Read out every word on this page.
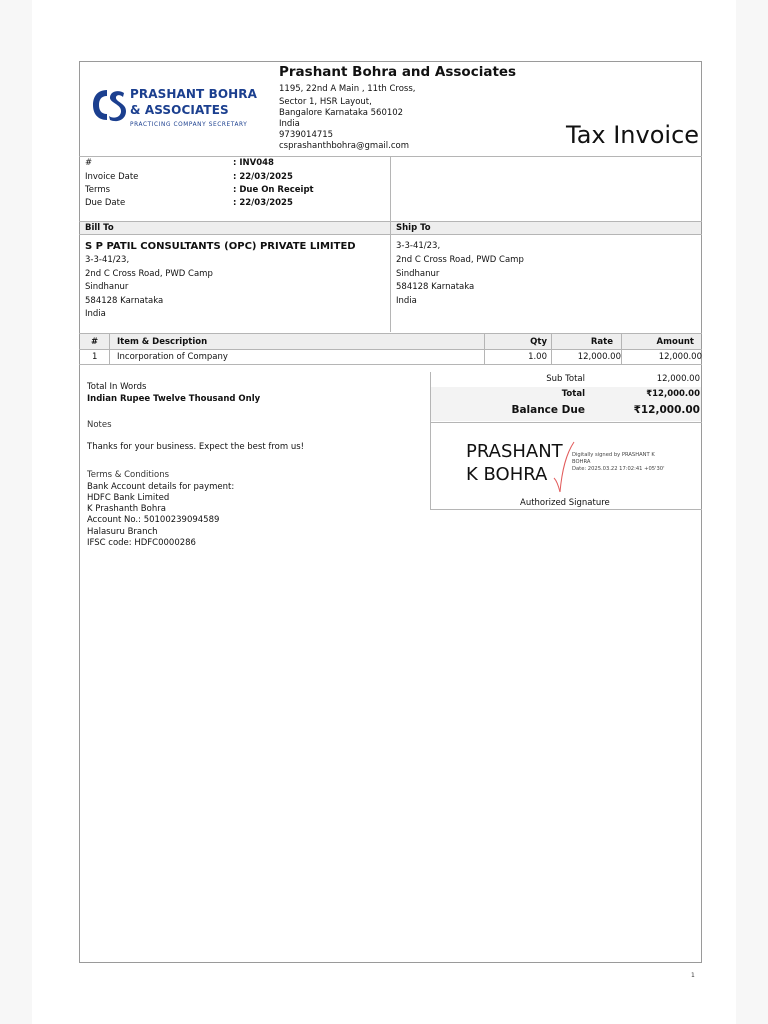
PRASHANT BOHRA
& ASSOCIATES
PRACTICING COMPANY SECRETARY
Prashant Bohra and Associates
1195, 22nd A Main , 11th Cross,
Sector 1, HSR Layout,
Bangalore Karnataka 560102
India
9739014715
csprashanthbohra@gmail.com	Tax Invoice
#	: INV048
Invoice Date	: 22/03/2025
Terms	: Due On Receipt
Due Date	: 22/03/2025
Bill To	Ship To
S P PATIL CONSULTANTS (OPC) PRIVATE LIMITED
3-3-41/23,
2nd C Cross Road, PWD Camp
Sindhanur
584128 Karnataka
India
3-3-41/23,
2nd C Cross Road, PWD Camp
Sindhanur
584128 Karnataka
India
# Item & Description	Qty	Rate	Amount
1 Incorporation of Company	1.00	12,000.00	12,000.00
Total In Words
Indian Rupee Twelve Thousand Only
Sub Total	12,000.00
Total	₹12,000.00
Balance Due	₹12,000.00
PRASHANT
K BOHRA
Digitally signed by PRASHANT K
BOHRA
Date: 2025.03.22 17:02:41 +05'30'
Authorized Signature
Notes
Thanks for your business. Expect the best from us!
Terms & Conditions
Bank Account details for payment:
HDFC Bank Limited
K Prashanth Bohra
Account No.: 50100239094589
Halasuru Branch
IFSC code: HDFC0000286
1
